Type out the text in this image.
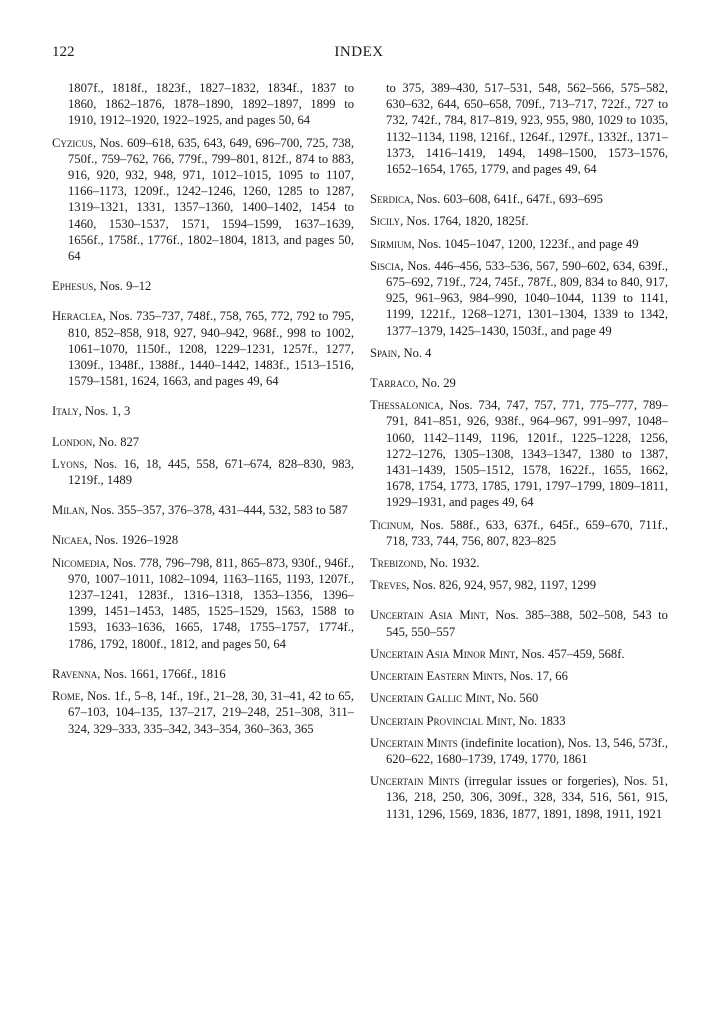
122	INDEX

1807f., 1818f., 1823f., 1827–1832, 1834f., 1837 to 1860, 1862–1876, 1878–1890, 1892–1897, 1899 to 1910, 1912–1920, 1922–1925, and pages 50, 64

Cyzicus, Nos. 609–618, 635, 643, 649, 696–700, 725, 738, 750f., 759–762, 766, 779f., 799–801, 812f., 874 to 883, 916, 920, 932, 948, 971, 1012–1015, 1095 to 1107, 1166–1173, 1209f., 1242–1246, 1260, 1285 to 1287, 1319–1321, 1331, 1357–1360, 1400–1402, 1454 to 1460, 1530–1537, 1571, 1594–1599, 1637–1639, 1656f., 1758f., 1776f., 1802–1804, 1813, and pages 50, 64

Ephesus, Nos. 9–12

Heraclea, Nos. 735–737, 748f., 758, 765, 772, 792 to 795, 810, 852–858, 918, 927, 940–942, 968f., 998 to 1002, 1061–1070, 1150f., 1208, 1229–1231, 1257f., 1277, 1309f., 1348f., 1388f., 1440–1442, 1483f., 1513–1516, 1579–1581, 1624, 1663, and pages 49, 64

Italy, Nos. 1, 3

London, No. 827

Lyons, Nos. 16, 18, 445, 558, 671–674, 828–830, 983, 1219f., 1489

Milan, Nos. 355–357, 376–378, 431–444, 532, 583 to 587

Nicaea, Nos. 1926–1928

Nicomedia, Nos. 778, 796–798, 811, 865–873, 930f., 946f., 970, 1007–1011, 1082–1094, 1163–1165, 1193, 1207f., 1237–1241, 1283f., 1316–1318, 1353–1356, 1396–1399, 1451–1453, 1485, 1525–1529, 1563, 1588 to 1593, 1633–1636, 1665, 1748, 1755–1757, 1774f., 1786, 1792, 1800f., 1812, and pages 50, 64

Ravenna, Nos. 1661, 1766f., 1816

Rome, Nos. 1f., 5–8, 14f., 19f., 21–28, 30, 31–41, 42 to 65, 67–103, 104–135, 137–217, 219–248, 251–308, 311–324, 329–333, 335–342, 343–354, 360–363, 365

to 375, 389–430, 517–531, 548, 562–566, 575–582, 630–632, 644, 650–658, 709f., 713–717, 722f., 727 to 732, 742f., 784, 817–819, 923, 955, 980, 1029 to 1035, 1132–1134, 1198, 1216f., 1264f., 1297f., 1332f., 1371–1373, 1416–1419, 1494, 1498–1500, 1573–1576, 1652–1654, 1765, 1779, and pages 49, 64

Serdica, Nos. 603–608, 641f., 647f., 693–695

Sicily, Nos. 1764, 1820, 1825f.

Sirmium, Nos. 1045–1047, 1200, 1223f., and page 49

Siscia, Nos. 446–456, 533–536, 567, 590–602, 634, 639f., 675–692, 719f., 724, 745f., 787f., 809, 834 to 840, 917, 925, 961–963, 984–990, 1040–1044, 1139 to 1141, 1199, 1221f., 1268–1271, 1301–1304, 1339 to 1342, 1377–1379, 1425–1430, 1503f., and page 49

Spain, No. 4

Tarraco, No. 29

Thessalonica, Nos. 734, 747, 757, 771, 775–777, 789–791, 841–851, 926, 938f., 964–967, 991–997, 1048–1060, 1142–1149, 1196, 1201f., 1225–1228, 1256, 1272–1276, 1305–1308, 1343–1347, 1380 to 1387, 1431–1439, 1505–1512, 1578, 1622f., 1655, 1662, 1678, 1754, 1773, 1785, 1791, 1797–1799, 1809–1811, 1929–1931, and pages 49, 64

Ticinum, Nos. 588f., 633, 637f., 645f., 659–670, 711f., 718, 733, 744, 756, 807, 823–825

Trebizond, No. 1932.

Treves, Nos. 826, 924, 957, 982, 1197, 1299

Uncertain Asia Mint, Nos. 385–388, 502–508, 543 to 545, 550–557

Uncertain Asia Minor Mint, Nos. 457–459, 568f.

Uncertain Eastern Mints, Nos. 17, 66

Uncertain Gallic Mint, No. 560

Uncertain Provincial Mint, No. 1833

Uncertain Mints (indefinite location), Nos. 13, 546, 573f., 620–622, 1680–1739, 1749, 1770, 1861

Uncertain Mints (irregular issues or forgeries), Nos. 51, 136, 218, 250, 306, 309f., 328, 334, 516, 561, 915, 1131, 1296, 1569, 1836, 1877, 1891, 1898, 1911, 1921
